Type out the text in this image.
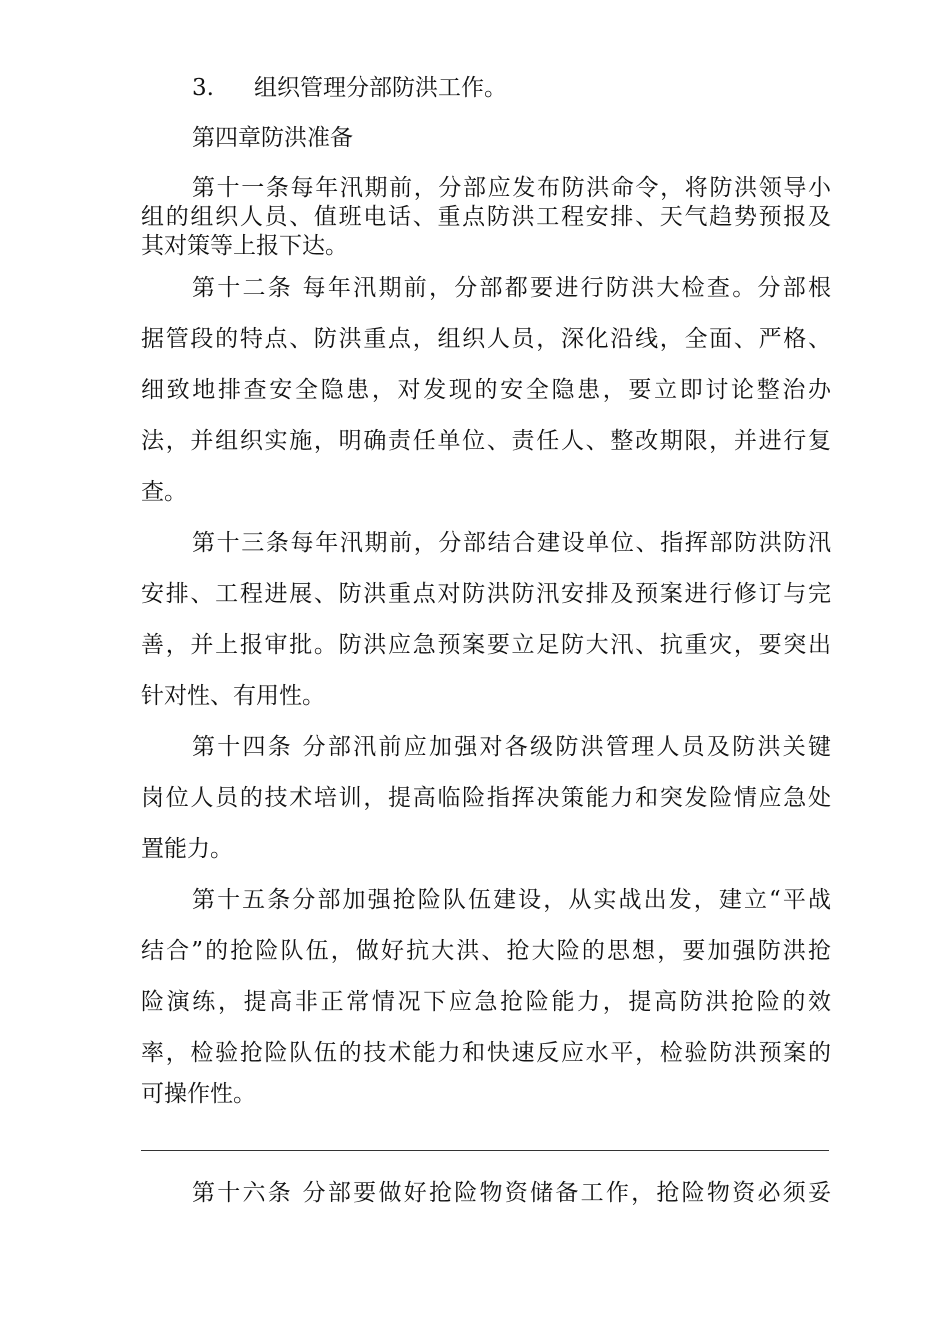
3. 组织管理分部防洪工作。
第四章防洪准备
第十一条每年汛期前，分部应发布防洪命令，将防洪领导小
组的组织人员、值班电话、重点防洪工程安排、天气趋势预报及
其对策等上报下达。
第十二条 每年汛期前，分部都要进行防洪大检查。分部根
据管段的特点、防洪重点，组织人员，深化沿线，全面、严格、
细致地排查安全隐患，对发现的安全隐患，要立即讨论整治办
法，并组织实施，明确责任单位、责任人、整改期限，并进行复
查。
第十三条每年汛期前，分部结合建设单位、指挥部防洪防汛
安排、工程进展、防洪重点对防洪防汛安排及预案进行修订与完
善，并上报审批。防洪应急预案要立足防大汛、抗重灾，要突出
针对性、有用性。
第十四条 分部汛前应加强对各级防洪管理人员及防洪关键
岗位人员的技术培训，提高临险指挥决策能力和突发险情应急处
置能力。
第十五条分部加强抢险队伍建设，从实战出发，建立“平战
结合”的抢险队伍，做好抗大洪、抢大险的思想，要加强防洪抢
险演练，提高非正常情况下应急抢险能力，提高防洪抢险的效
率，检验抢险队伍的技术能力和快速反应水平，检验防洪预案的
可操作性。
第十六条 分部要做好抢险物资储备工作，抢险物资必须妥
